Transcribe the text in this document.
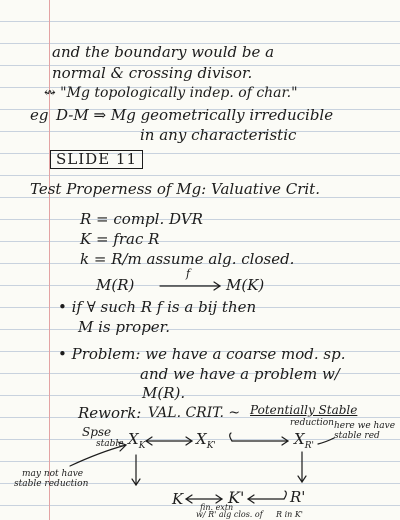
and the boundary would be a
normal & crossing divisor.
↭ "Mg topologically indep. of char."
eg D-M ⇒ Mg geometrically irreducible
in any characteristic
SLIDE 11
Test Properness of Mg: Valuative Crit.
R = compl. DVR
K = frac R
k = R/m assume alg. closed.
M(R)
f
M(K)
• if ∀ such R f is a bij then
M is proper.
• Problem: we have a coarse mod. sp.
and we have a problem w/
M(R).
Rework: VAL. CRIT. ~ Potentially Stable
reduction
Spse
stable $X_K$	$X_{K'}$	$X_{R'}$
here we have
stable red
may not have
stable reduction
K	K'	R'
fin. extn
w/ R' alg clos. of R in K'
